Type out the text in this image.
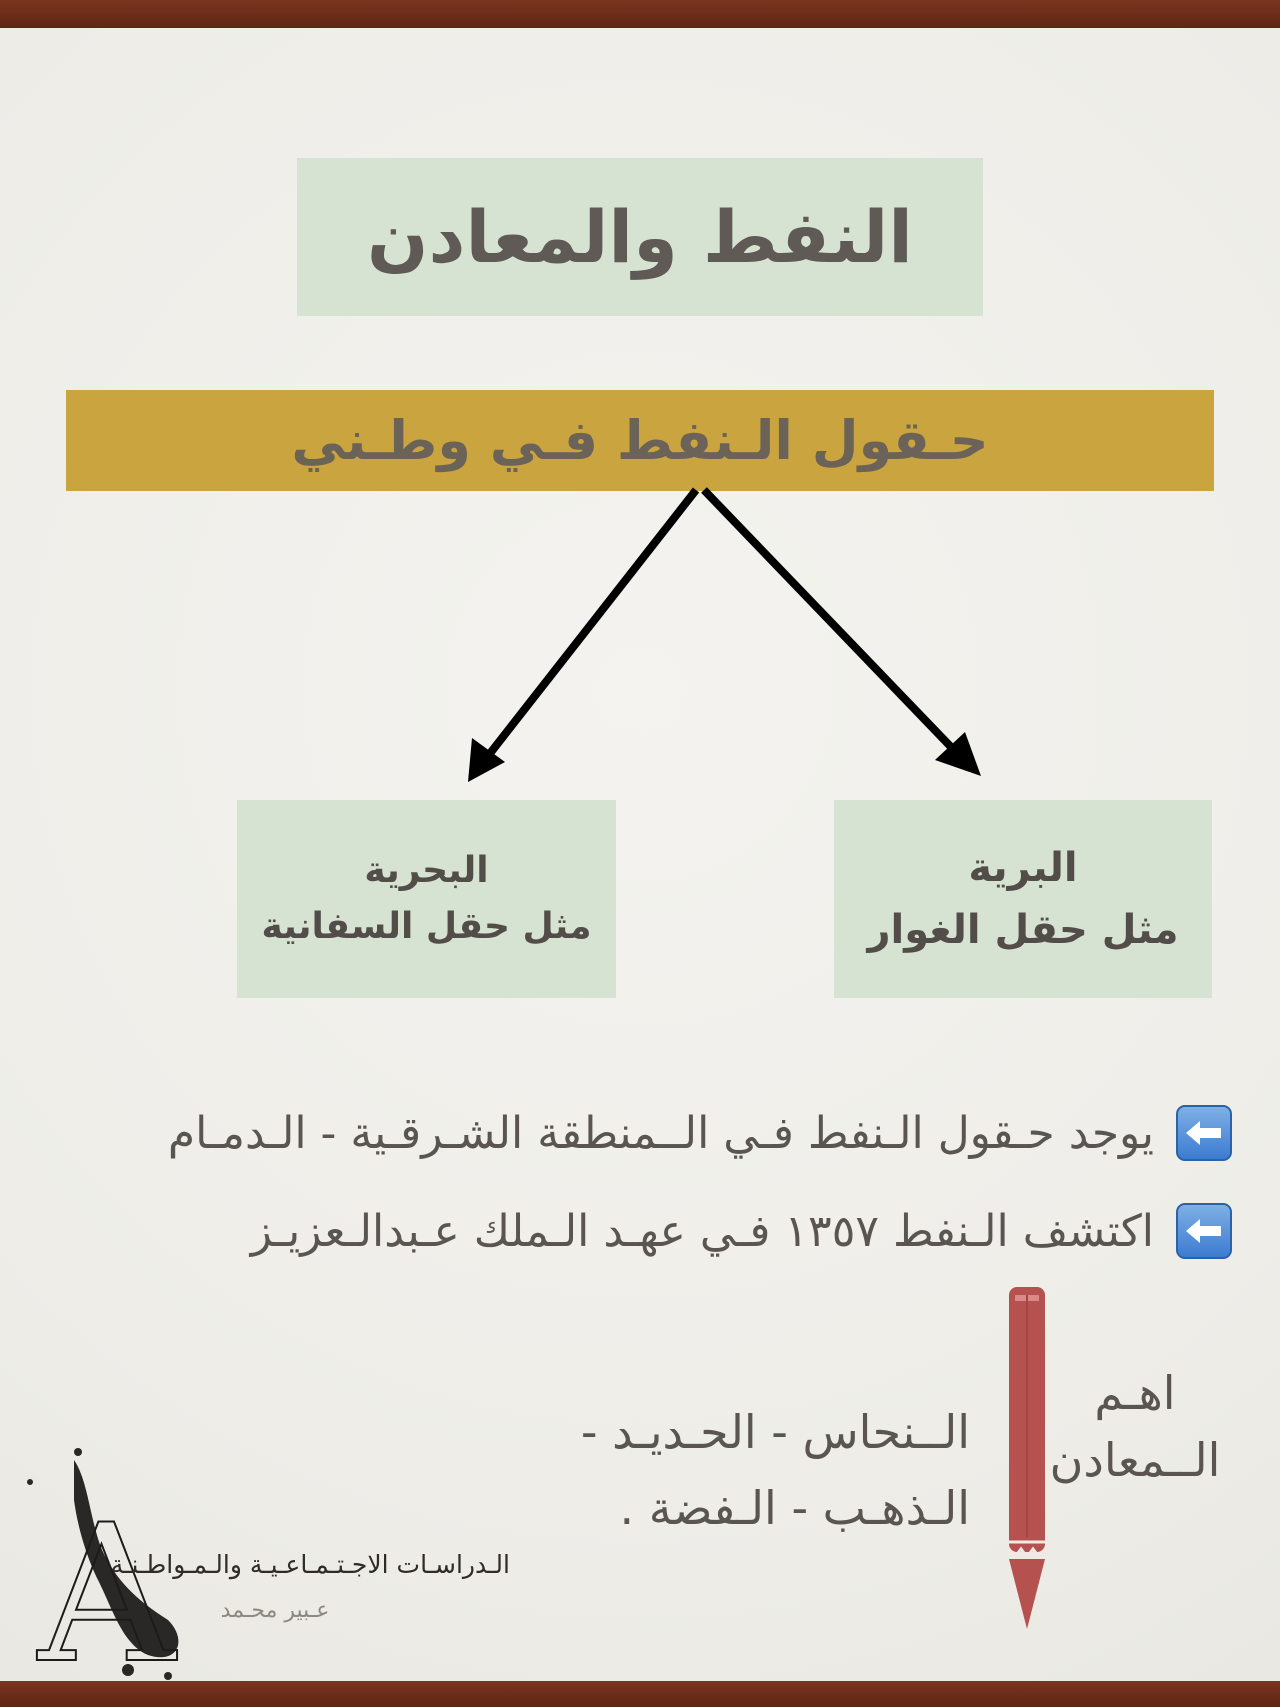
النفط والمعادن
حـقول الـنفط فـي وطـني
البحرية
مثل حقل السفانية
البرية
مثل حقل الغوار
يوجد حـقول الـنفط فـي الــمنطقة الشـرقـية - الـدمـام
اكتشف الـنفط ١٣٥٧ فـي عهـد الـملك عـبدالـعزيـز
اهـم
الــمعادن
الــنحاس - الحـديـد -
الـذهـب - الـفضة .
A
الـدراسـات الاجـتـمـاعـيـة والـمـواطـنـة
عـبير محـمد
